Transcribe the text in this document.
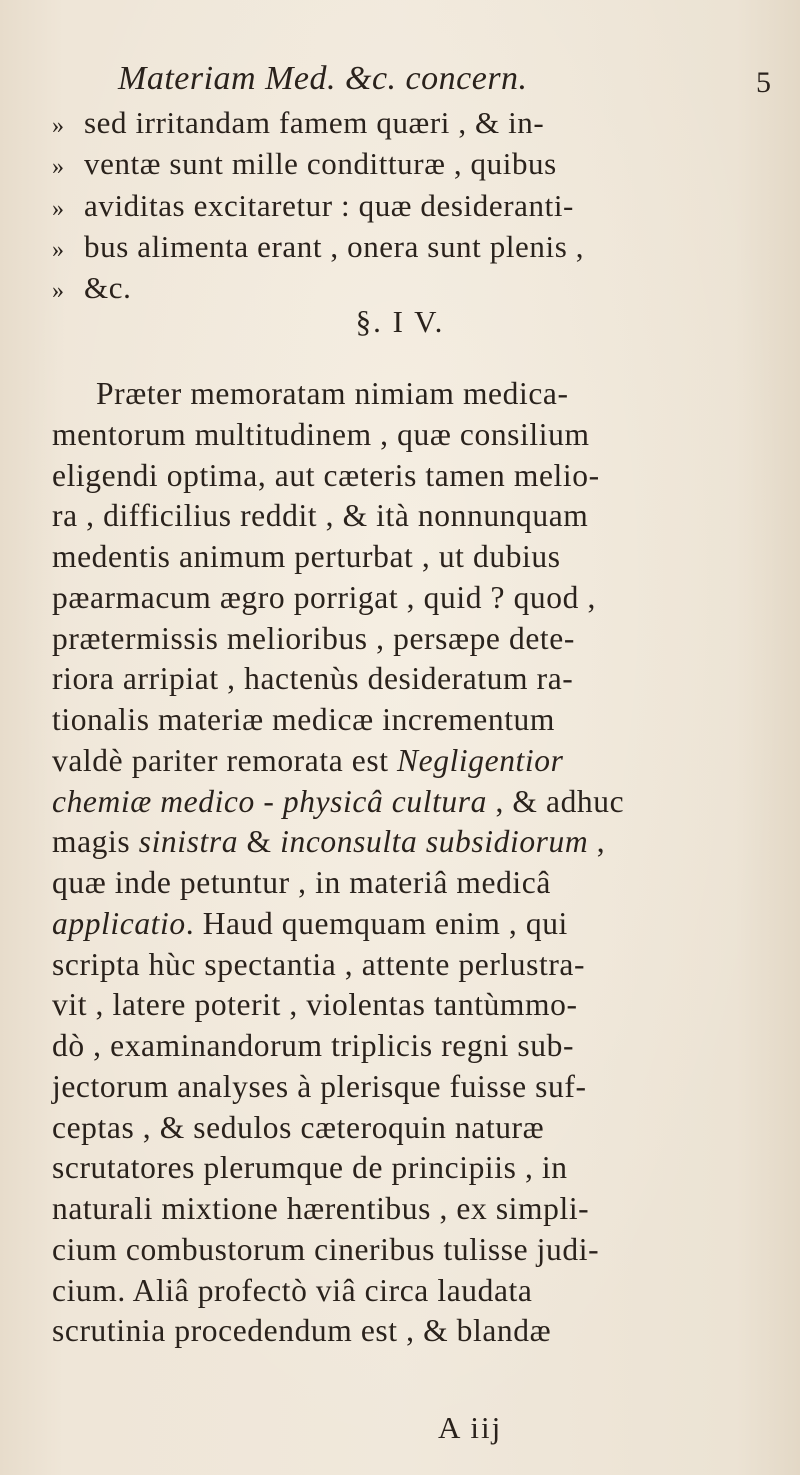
Materiam Med. &c. concern.	5
» sed irritandam famem quæri , & in-
» ventæ sunt mille conditturæ , quibus
» aviditas excitaretur : quæ desideranti-
» bus alimenta erant , onera sunt plenis ,
» &c.
§. I V.
Præter memoratam nimiam medica-
mentorum multitudinem , quæ consilium
eligendi optima, aut cæteris tamen melio-
ra , difficilius reddit , & ità nonnunquam
medentis animum perturbat , ut dubius
pæarmacum ægro porrigat , quid ? quod ,
prætermissis melioribus , persæpe dete-
riora arripiat , hactenùs desideratum ra-
tionalis materiæ medicæ incrementum
valdè pariter remorata est Negligentior
chemiæ medico - physicâ cultura , & adhuc
magis sinistra & inconsulta subsidiorum ,
quæ inde petuntur , in materiâ medicâ
applicatio. Haud quemquam enim , qui
scripta hùc spectantia , attente perlustra-
vit , latere poterit , violentas tantùmmo-
dò , examinandorum triplicis regni sub-
jectorum analyses à plerisque fuisse suf-
ceptas , & sedulos cæteroquin naturæ
scrutatores plerumque de principiis , in
naturali mixtione hærentibus , ex simpli-
cium combustorum cineribus tulisse judi-
cium. Aliâ profectò viâ circa laudata
scrutinia procedendum est , & blandæ
A iij
